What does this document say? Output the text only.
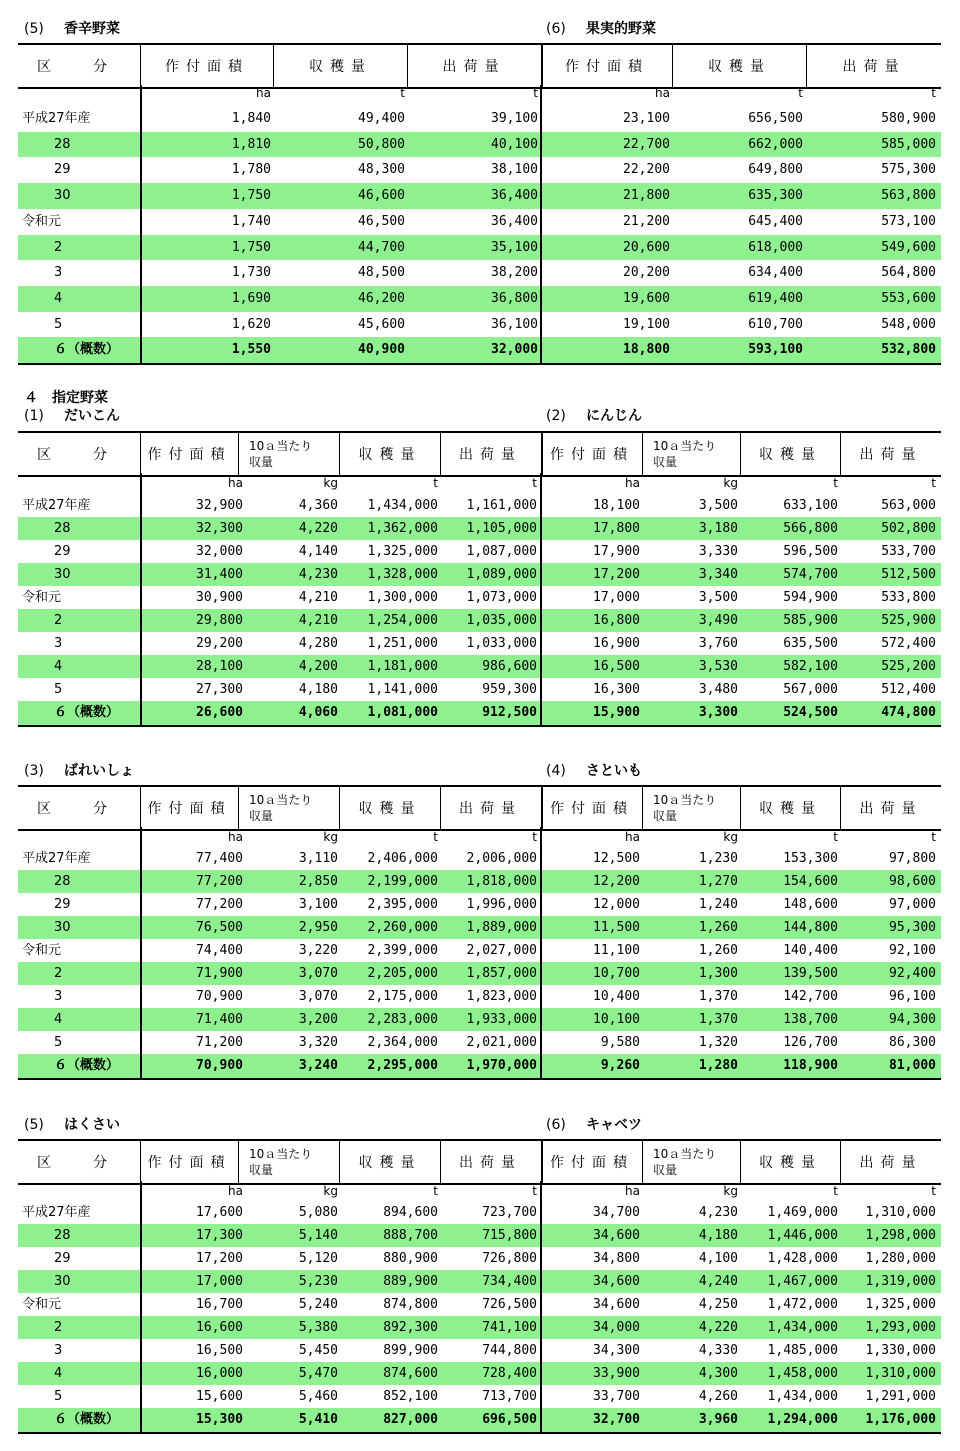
(5) 香辛野菜	(6) 果実的野菜
区　分	作付面積	収穫量	出荷量	作付面積	収穫量	出荷量
ha	t	t	ha	t	t
平成27年産	1,840	49,400	39,100	23,100	656,500	580,900
28	1,810	50,800	40,100	22,700	662,000	585,000
29	1,780	48,300	38,100	22,200	649,800	575,300
30	1,750	46,600	36,400	21,800	635,300	563,800
令和元	1,740	46,500	36,400	21,200	645,400	573,100
2	1,750	44,700	35,100	20,600	618,000	549,600
3	1,730	48,500	38,200	20,200	634,400	564,800
4	1,690	46,200	36,800	19,600	619,400	553,600
5	1,620	45,600	36,100	19,100	610,700	548,000
６（概数）	1,550	40,900	32,000	18,800	593,100	532,800
４　指定野菜
(1) だいこん	(2) にんじん
区　分	作付面積
10ａ当たり
収量	収穫量	出荷量	作付面積
10ａ当たり
収量	収穫量	出荷量
ha	kg	t	t	ha	kg	t	t
平成27年産	32,900	4,360	1,434,000	1,161,000	18,100	3,500	633,100	563,000
28	32,300	4,220	1,362,000	1,105,000	17,800	3,180	566,800	502,800
29	32,000	4,140	1,325,000	1,087,000	17,900	3,330	596,500	533,700
30	31,400	4,230	1,328,000	1,089,000	17,200	3,340	574,700	512,500
令和元	30,900	4,210	1,300,000	1,073,000	17,000	3,500	594,900	533,800
2	29,800	4,210	1,254,000	1,035,000	16,800	3,490	585,900	525,900
3	29,200	4,280	1,251,000	1,033,000	16,900	3,760	635,500	572,400
4	28,100	4,200	1,181,000	986,600	16,500	3,530	582,100	525,200
5	27,300	4,180	1,141,000	959,300	16,300	3,480	567,000	512,400
６（概数）	26,600	4,060	1,081,000	912,500	15,900	3,300	524,500	474,800
(3) ばれいしょ	(4) さといも
区　分	作付面積
10ａ当たり
収量	収穫量	出荷量	作付面積
10ａ当たり
収量	収穫量	出荷量
ha	kg	t	t	ha	kg	t	t
平成27年産	77,400	3,110	2,406,000	2,006,000	12,500	1,230	153,300	97,800
28	77,200	2,850	2,199,000	1,818,000	12,200	1,270	154,600	98,600
29	77,200	3,100	2,395,000	1,996,000	12,000	1,240	148,600	97,000
30	76,500	2,950	2,260,000	1,889,000	11,500	1,260	144,800	95,300
令和元	74,400	3,220	2,399,000	2,027,000	11,100	1,260	140,400	92,100
2	71,900	3,070	2,205,000	1,857,000	10,700	1,300	139,500	92,400
3	70,900	3,070	2,175,000	1,823,000	10,400	1,370	142,700	96,100
4	71,400	3,200	2,283,000	1,933,000	10,100	1,370	138,700	94,300
5	71,200	3,320	2,364,000	2,021,000	9,580	1,320	126,700	86,300
６（概数）	70,900	3,240	2,295,000	1,970,000	9,260	1,280	118,900	81,000
(5) はくさい	(6) キャベツ
区　分	作付面積
10ａ当たり
収量	収穫量	出荷量	作付面積
10ａ当たり
収量	収穫量	出荷量
ha	kg	t	t	ha	kg	t	t
平成27年産	17,600	5,080	894,600	723,700	34,700	4,230	1,469,000	1,310,000
28	17,300	5,140	888,700	715,800	34,600	4,180	1,446,000	1,298,000
29	17,200	5,120	880,900	726,800	34,800	4,100	1,428,000	1,280,000
30	17,000	5,230	889,900	734,400	34,600	4,240	1,467,000	1,319,000
令和元	16,700	5,240	874,800	726,500	34,600	4,250	1,472,000	1,325,000
2	16,600	5,380	892,300	741,100	34,000	4,220	1,434,000	1,293,000
3	16,500	5,450	899,900	744,800	34,300	4,330	1,485,000	1,330,000
4	16,000	5,470	874,600	728,400	33,900	4,300	1,458,000	1,310,000
5	15,600	5,460	852,100	713,700	33,700	4,260	1,434,000	1,291,000
６（概数）	15,300	5,410	827,000	696,500	32,700	3,960	1,294,000	1,176,000
